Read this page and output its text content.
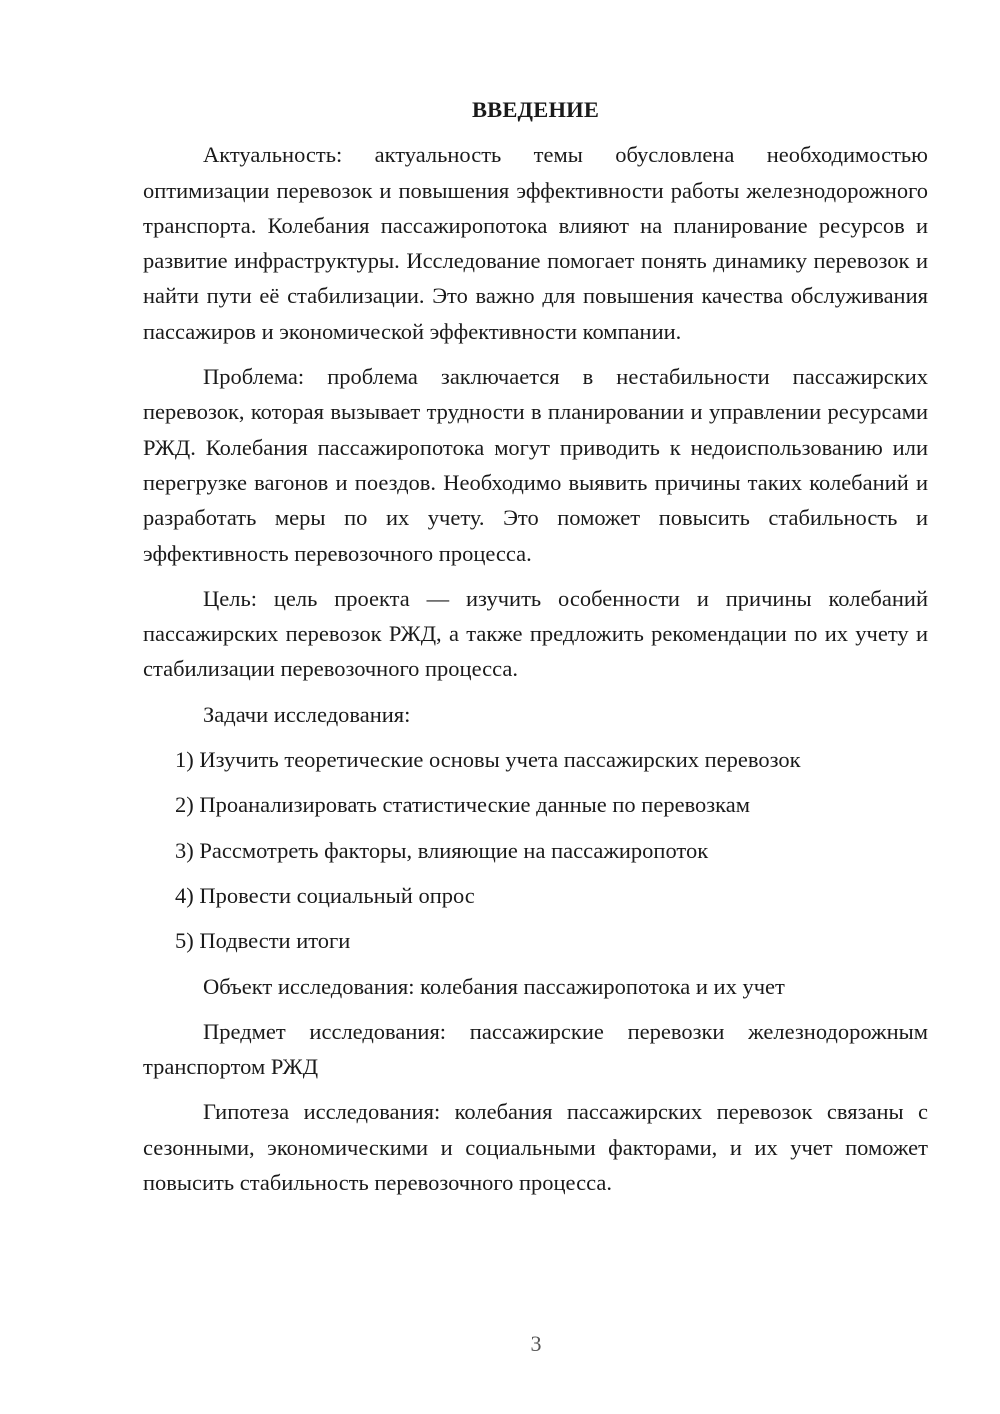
ВВЕДЕНИЕ

Актуальность: актуальность темы обусловлена необходимостью оптимизации перевозок и повышения эффективности работы железнодорожного транспорта. Колебания пассажиропотока влияют на планирование ресурсов и развитие инфраструктуры. Исследование помогает понять динамику перевозок и найти пути её стабилизации. Это важно для повышения качества обслуживания пассажиров и экономической эффективности компании.

Проблема: проблема заключается в нестабильности пассажирских перевозок, которая вызывает трудности в планировании и управлении ресурсами РЖД. Колебания пассажиропотока могут приводить к недоиспользованию или перегрузке вагонов и поездов. Необходимо выявить причины таких колебаний и разработать меры по их учету. Это поможет повысить стабильность и эффективность перевозочного процесса.

Цель: цель проекта — изучить особенности и причины колебаний пассажирских перевозок РЖД, а также предложить рекомендации по их учету и стабилизации перевозочного процесса.

Задачи исследования:

1) Изучить теоретические основы учета пассажирских перевозок

2) Проанализировать статистические данные по перевозкам

3) Рассмотреть факторы, влияющие на пассажиропоток

4) Провести социальный опрос

5) Подвести итоги

Объект исследования: колебания пассажиропотока и их учет

Предмет исследования: пассажирские перевозки железнодорожным транспортом РЖД

Гипотеза исследования: колебания пассажирских перевозок связаны с сезонными, экономическими и социальными факторами, и их учет поможет повысить стабильность перевозочного процесса.

3
